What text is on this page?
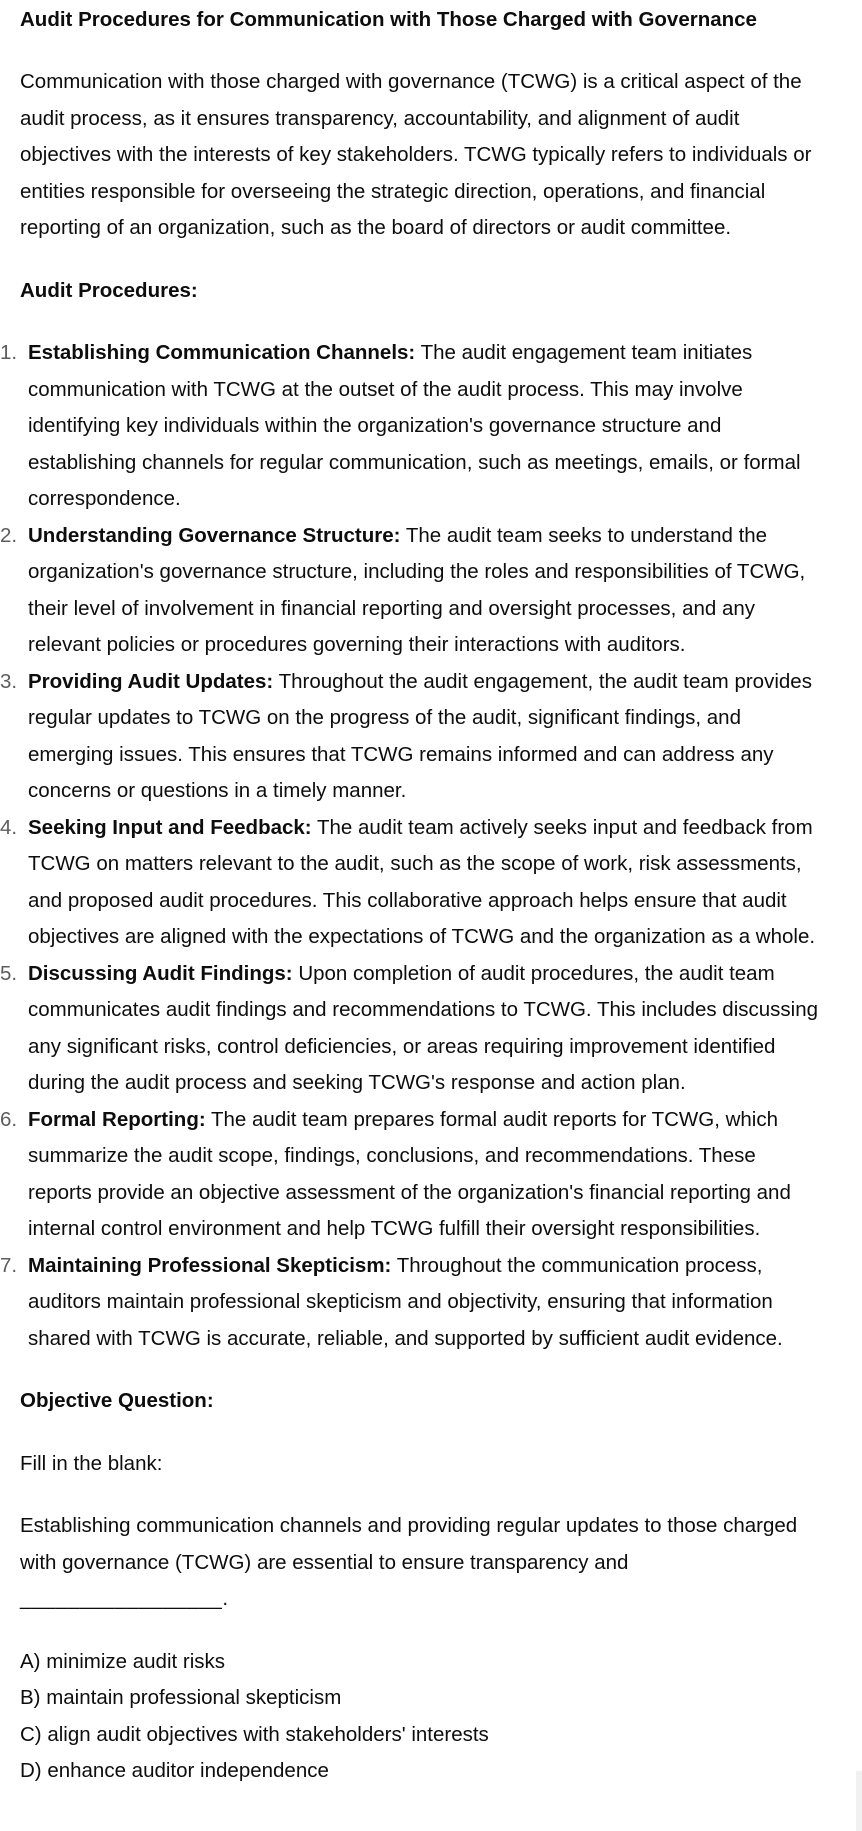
Audit Procedures for Communication with Those Charged with Governance

Communication with those charged with governance (TCWG) is a critical aspect of the audit process, as it ensures transparency, accountability, and alignment of audit objectives with the interests of key stakeholders. TCWG typically refers to individuals or entities responsible for overseeing the strategic direction, operations, and financial reporting of an organization, such as the board of directors or audit committee.

Audit Procedures:

1. Establishing Communication Channels: The audit engagement team initiates communication with TCWG at the outset of the audit process. This may involve identifying key individuals within the organization's governance structure and establishing channels for regular communication, such as meetings, emails, or formal correspondence.
2. Understanding Governance Structure: The audit team seeks to understand the organization's governance structure, including the roles and responsibilities of TCWG, their level of involvement in financial reporting and oversight processes, and any relevant policies or procedures governing their interactions with auditors.
3. Providing Audit Updates: Throughout the audit engagement, the audit team provides regular updates to TCWG on the progress of the audit, significant findings, and emerging issues. This ensures that TCWG remains informed and can address any concerns or questions in a timely manner.
4. Seeking Input and Feedback: The audit team actively seeks input and feedback from TCWG on matters relevant to the audit, such as the scope of work, risk assessments, and proposed audit procedures. This collaborative approach helps ensure that audit objectives are aligned with the expectations of TCWG and the organization as a whole.
5. Discussing Audit Findings: Upon completion of audit procedures, the audit team communicates audit findings and recommendations to TCWG. This includes discussing any significant risks, control deficiencies, or areas requiring improvement identified during the audit process and seeking TCWG's response and action plan.
6. Formal Reporting: The audit team prepares formal audit reports for TCWG, which summarize the audit scope, findings, conclusions, and recommendations. These reports provide an objective assessment of the organization's financial reporting and internal control environment and help TCWG fulfill their oversight responsibilities.
7. Maintaining Professional Skepticism: Throughout the communication process, auditors maintain professional skepticism and objectivity, ensuring that information shared with TCWG is accurate, reliable, and supported by sufficient audit evidence.

Objective Question:

Fill in the blank:

Establishing communication channels and providing regular updates to those charged with governance (TCWG) are essential to ensure transparency and
_________________.

A) minimize audit risks
B) maintain professional skepticism
C) align audit objectives with stakeholders' interests
D) enhance auditor independence
